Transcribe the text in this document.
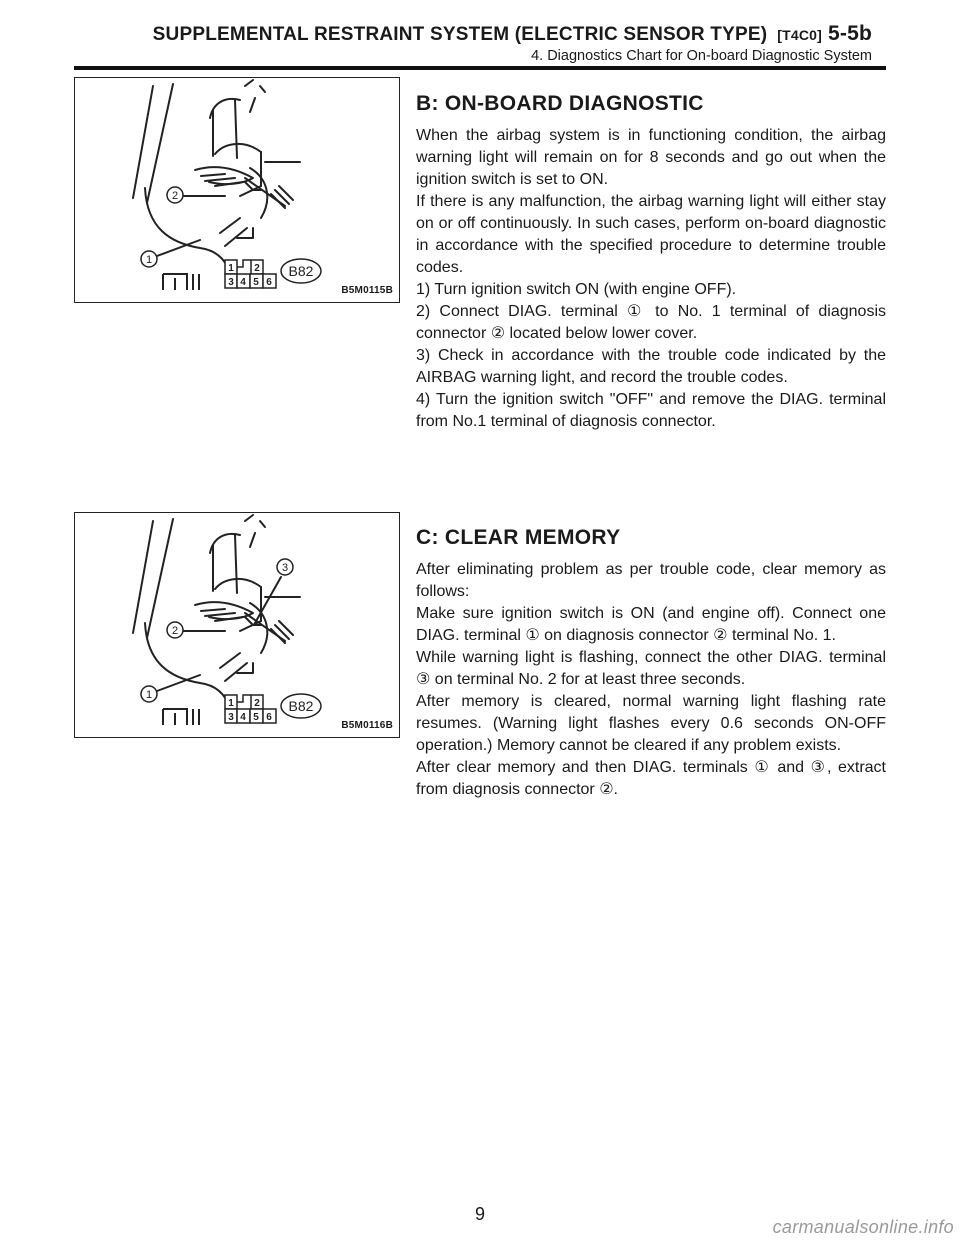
SUPPLEMENTAL RESTRAINT SYSTEM (ELECTRIC SENSOR TYPE) [T4C0] 5-5b
4. Diagnostics Chart for On-board Diagnostic System
2
1
1 2
3 4 5 6
B82
B5M0115B
3
2
1
1 2
3 4 5 6
B82
B5M0116B
B: ON-BOARD DIAGNOSTIC

When the airbag system is in functioning condition, the airbag warning light will remain on for 8 seconds and go out when the ignition switch is set to ON.

If there is any malfunction, the airbag warning light will either stay on or off continuously. In such cases, perform on-board diagnostic in accordance with the specified procedure to determine trouble codes.

1) Turn ignition switch ON (with engine OFF).

2) Connect DIAG. terminal ① to No. 1 terminal of diagnosis connector ② located below lower cover.

3) Check in accordance with the trouble code indicated by the AIRBAG warning light, and record the trouble codes.

4) Turn the ignition switch "OFF" and remove the DIAG. terminal from No.1 terminal of diagnosis connector.

C: CLEAR MEMORY

After eliminating problem as per trouble code, clear memory as follows:

Make sure ignition switch is ON (and engine off). Connect one DIAG. terminal ① on diagnosis connector ② terminal No. 1.

While warning light is flashing, connect the other DIAG. terminal ③ on terminal No. 2 for at least three seconds.

After memory is cleared, normal warning light flashing rate resumes. (Warning light flashes every 0.6 seconds ON-OFF operation.) Memory cannot be cleared if any problem exists.

After clear memory and then DIAG. terminals ① and ③, extract from diagnosis connector ②.

9
carmanualsonline.info
